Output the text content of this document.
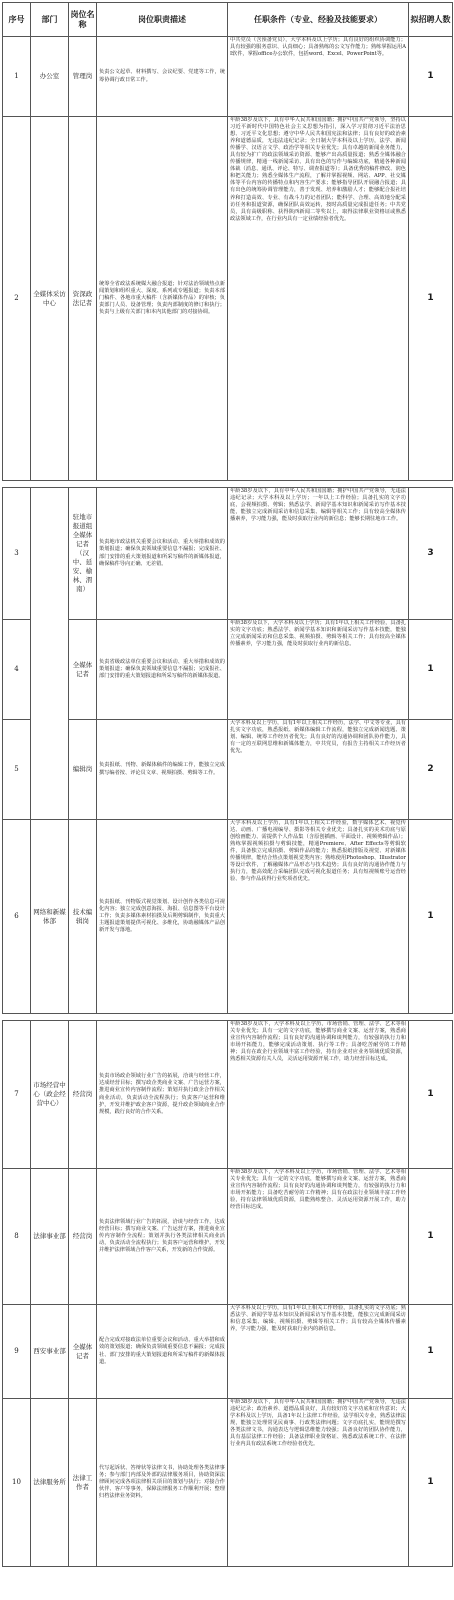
序号	部门	岗位名称	岗位职责描述	任职条件（专业、经验及技能要求）	拟招聘人数
1	办公室	管理岗	负责公文起草、材料撰写、会议纪要、党建等工作，统筹协调行政日常工作。	中共党员（含预备党员），大学本科及以上学历；具有良好的组织协调能力；具有较强的服务意识、认真细心；具备熟练的公文写作能力；熟练掌握运用AI软件，掌握office办公软件，包括word、Excel、PowerPoint等。	1
2	全媒体采访中心	资深政法记者	统筹全省政法系统媒大融合报道；针对法治领域热点新闻策划和组织重大、深度、系列或专题报道；负责本部门稿件、各地市重大稿件（含新媒体作品）的审核；负责部门人员、设备管理；负责内部制度的修订和执行；负责与上级有关部门和本内其他部门的对接协调。	年龄38岁及以下，具有中华人民共和国国籍；拥护中国共产党领导，坚持以习近平新时代中国特色社会主义思想为指引，深入学习贯彻习近平法治思想、习近平文化思想；遵守中华人民共和国宪法和法律；具有良好的政治素养和道德品质，无违法违纪记录；全日制大学本科及以上学历，法学、新闻传播学、汉语言文学、政治学等相关专业优先；具有卓越的新闻业务能力，具有较为扩广的政法领域采访资源、能够产出高质量报道；熟悉全媒体融合传播规律，精通一线新闻采访、具有出色的写作与编辑功底，精通各种新闻体裁（消息、通讯、评论、特写、调查报道等）；具备优秀的稿件修改、润色和把关能力；熟悉全媒体生产流程，了解并掌握视频、网站、APP、社交媒体等平台内容的传播特点和内容生产要求；能够指导团队开展融合报道；具有出色的统筹协调管理能力，善于发现、培养和激励人才；能够配合报社培养和打造高效、专业、有战斗力的记者团队；能科学、合理、高效地分配采访任务和报道资源，确保团队高效运转，按时高质量完成报道任务；中共党员，具有高级职称、获得陕西新闻二等奖以上，取得法律职业资格证或熟悉政法领域工作，在行业内具有一定业绩经验者优先。	1

3		驻地市报道组全媒体记者（汉中、延安、榆林、渭南）	负责地市政法机关重要会议和活动、重大举措和成效的策划报道；确保负责领域重要信息不漏报；完成报社、部门安排的重大策划报道和所采写稿件的新媒体报道，确保稿件导向正确、无差错。	年龄38岁及以下，具有中华人民共和国国籍；拥护中国共产党领导，无违法违纪记录；大学本科及以上学历；一年以上工作经验；具备扎实的文字功底，会视频拍摄、剪辑；熟悉法学、新闻学基本知识和新闻采访写作基本技能，能独立完成新闻采访和信息采集、编辑等相关工作；具有较高全媒体传播素养，学习能力强，能及时获取行业内的新信息；能够长期驻地市工作。	3
4		全媒体记者	负责省级政法单位重要会议和活动、重大举措和成效的策划报道；确保负责领域重要信息不漏报；完成报社、部门安排的重大策划报道和所采写稿件的新媒体报道。	年龄38岁及以下，大学本科及以上学历；具有1年以上相关工作经验，具备扎实的文字功底；熟悉法学、新闻学基本知识和新闻采访写作基本技能，能独立完成新闻采访和信息采集、视频拍摄、剪辑等相关工作；具有较高全媒体传播素养，学习能力强，能及时获取行业内的新信息。	1
5		编辑岗	负责报纸、刊物、新媒体稿件的编辑工作，能独立完成撰写编者按、评论员文章、视频拍摄、剪辑等工作。	大学本科及以上学历，具有1年以上相关工作经历，法学、中文等专业，具有扎实文字功底，熟悉报纸、新媒体编辑工作流程，能独立完成新闻选题、策划、编辑、统筹工作经历者优先；具有良好的沟通协调和团队协作能力，具有一定的互联网思维和新媒体能力，中共党员，有报告主持相关工作经历者优先。	2
6	网络和新媒体部	技术编辑岗	负责报纸、刊物版式视觉策划、设计创作各类信息可视化内容；独立完成创意海报、海报、信息图等平台设计工作；负责多媒体素材拍摄及后期剪辑制作，负责重大主题报道策划提供可视化、多维化，协助融媒体产品创新开发与落地。	大学本科及以上学历，具有1年以上相关工作经验，数字媒体艺术、视觉传达、动画、广播电视编导、摄影等相关专业优先；具备扎实的美术功底与原创绘画能力、需提供个人作品集（含原创插画、平面设计、视频剪辑作品）；熟练掌握视频拍摄与剪辑技能，精通Premiere、After Effects等剪辑软件，具备独立完成拍摄、剪辑作品的能力；熟悉报纸排版及视觉、对新媒体传播规律，能结合热点策划视觉类内容；熟练使用Photoshop、Illustrator等设计软件，了解融媒体产品形态与技术趋势；具有良好的沟通协作能力与执行力，能高效配合采编团队完成可视化报道任务；具有短视频账号运营经验、参与作品获得行业奖项者优先。	1

7	市场经营中心（政企经营中心）	经营岗	负责市场政企领域行业广告的拓展，洽谈与经营工作，达成经营目标；撰写政企类商业文案、广告运营方案，推进商业宣传内容制作流程；策划并执行政企合作相关商业活动，负责活动全流程执行；负责客户运营和维护，开发并维护政企客户资源，提升政企领域商业合作规模，践行良好的合作关系。	年龄38岁及以下，大学本科及以上学历，市场营销、管理、法学、艺术等相关专业优先；具有一定的文字功底，能够撰写商业文案、运营方案，熟悉商业宣传内容制作流程；具有良好的沟通协调和谈判能力，有较强的执行力和市场开拓能力，能够完成活动策划、执行等工作；具备吃苦耐劳的工作精神；具有在政企行业领域丰富工作经验，持有企业对应业务领域优质资源，熟悉相关资源有关人员，灵活运用资源开展工作，助力经营目标达成。	1
8	法律事业部	经营岗	负责法律领域行业广告的拓展，洽谈与经营工作，达成经营目标；撰写商业文案、广告运营方案，推进商业宣传内容制作全流程；策划并执行各类法律相关商业活动，负责活动全流程执行；负责客户运营和维护，开发并维护法律领域合作客户关系，开发新的合作资源。	年龄38岁及以下，大学本科及以上学历，市场营销、管理、法学、艺术等相关专业优先；具有一定的文字功底，能够撰写商业文案、运营方案，熟悉商业宣传内容制作流程；具有良好的沟通协调和谈判能力，有较强的执行力和市场开拓能力；具备吃苦耐劳的工作精神；具有在政法行业领域丰富工作经验，持有法律领域优质资源，具能熟练整合、灵活运用资源开展工作，助力经营目标达成。	1
9	西安事业部	全媒体记者	配合完成对接政法单位重要会议和活动、重大举措和成效的策划报道；确保负责领域重要信息不漏报；完成报社、部门安排的重大策划报道和所采写稿件的新媒体报道。	大学本科及以上学历，具有1年以上相关工作经验，具备扎实的文字功底；熟悉法学、新闻学等基本知识及新闻采访写作基本技能，能独立完成新闻采访和信息采集、编辑、视频拍摄、剪辑等相关工作；具有较高全媒体传播素养，学习能力强，能及时获取行业内的新信息。	1
10	法律服务所	法律工作者	代写起诉状、答辩状等法律文书，协助处理各类法律事务；参与部门内部及外部的法律服务项目，协助资深法律顾问完成各项法律相关项目的策划与执行；对接合作伙伴、客户等事务，保障法律服务工作顺利开展；整理归档法律业务资料。	年龄38岁及以下，具有中华人民共和国国籍；拥护中国共产党领导，无违法违纪记录；政治素养、道德品质良好，具有较好的文字功底和宣传意识；大学本科及以上学历，具备1年以上法律工作经验，法学相关专业，熟悉法律法规，能独立处理常见民商事、行政类法律问题；文字功底扎实，能规范撰写各类法律文书，沟通表达与逻辑思维能力较强；具备良好的团队协作能力，具有基层法律工作经验；具备法律职业资格证、熟悉政法系统工作、在法律行业内具有政法系统工作经验者优先。	1
